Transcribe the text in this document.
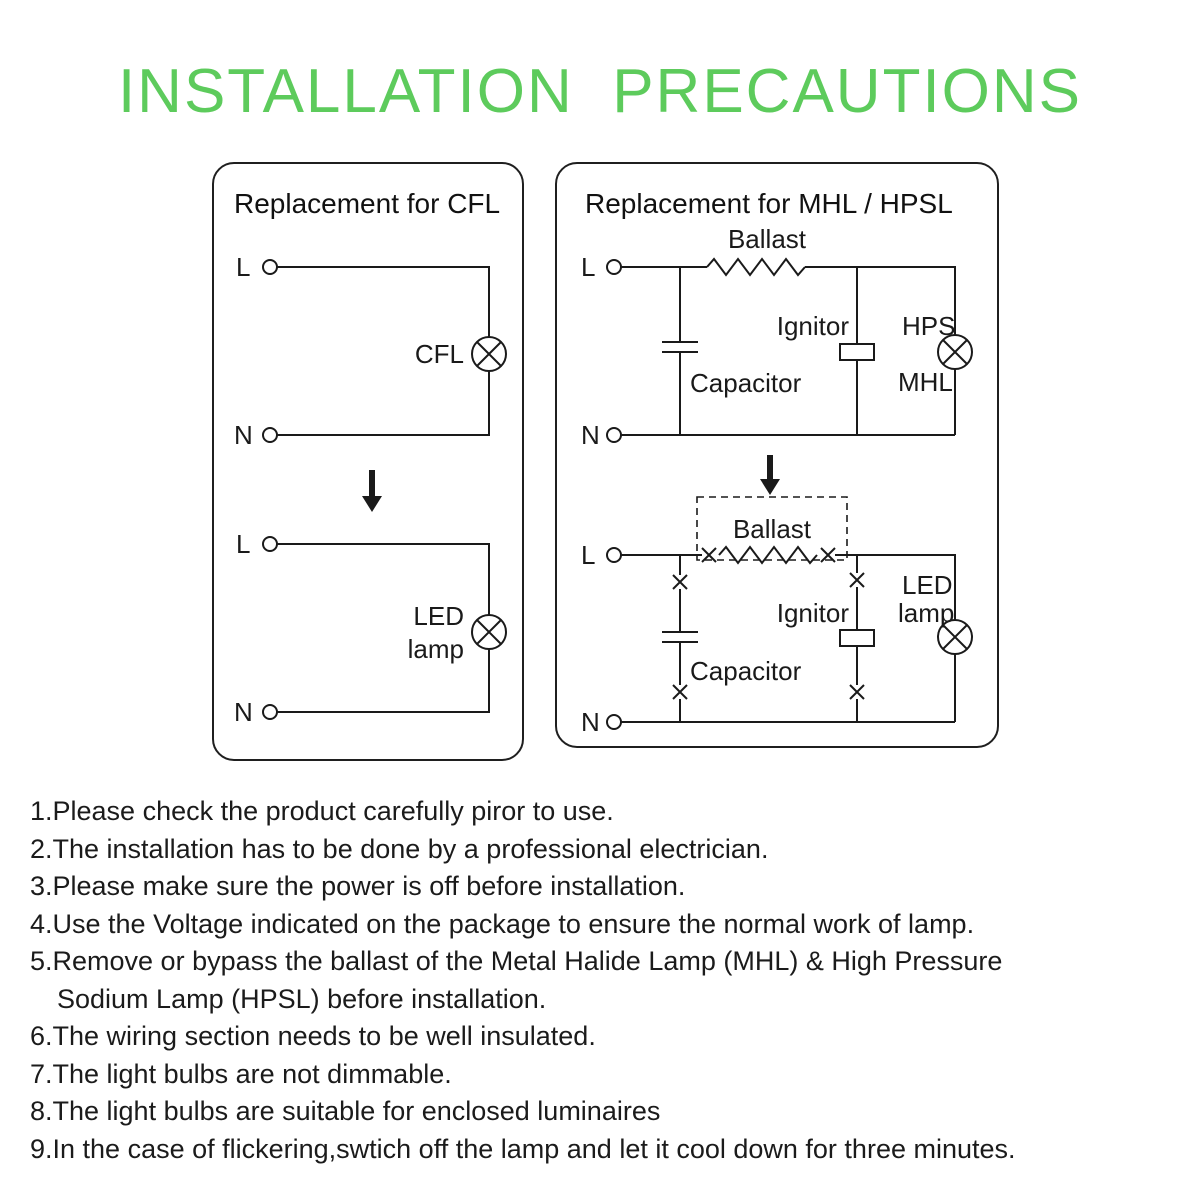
INSTALLATION  PRECAUTIONS
L
N
CFL
L
N
LED
lamp
Replacement for CFL
Ballast
L
N
Ignitor
Capacitor
HPS
MHL
Ballast
L
N
Ignitor
Capacitor
LED
lamp
Replacement for MHL / HPSL
1.Please check the product carefully piror to use.
2.The installation has to be done by a professional electrician.
3.Please make sure the power is off before installation.
4.Use the Voltage indicated on the package to ensure the normal work of lamp.
5.Remove or bypass the ballast of the Metal Halide Lamp (MHL) & High Pressure
Sodium Lamp (HPSL) before installation.
6.The wiring section needs to be well insulated.
7.The light bulbs are not dimmable.
8.The light bulbs are suitable for enclosed luminaires
9.In the case of flickering,swtich off the lamp and let it cool down for three minutes.
